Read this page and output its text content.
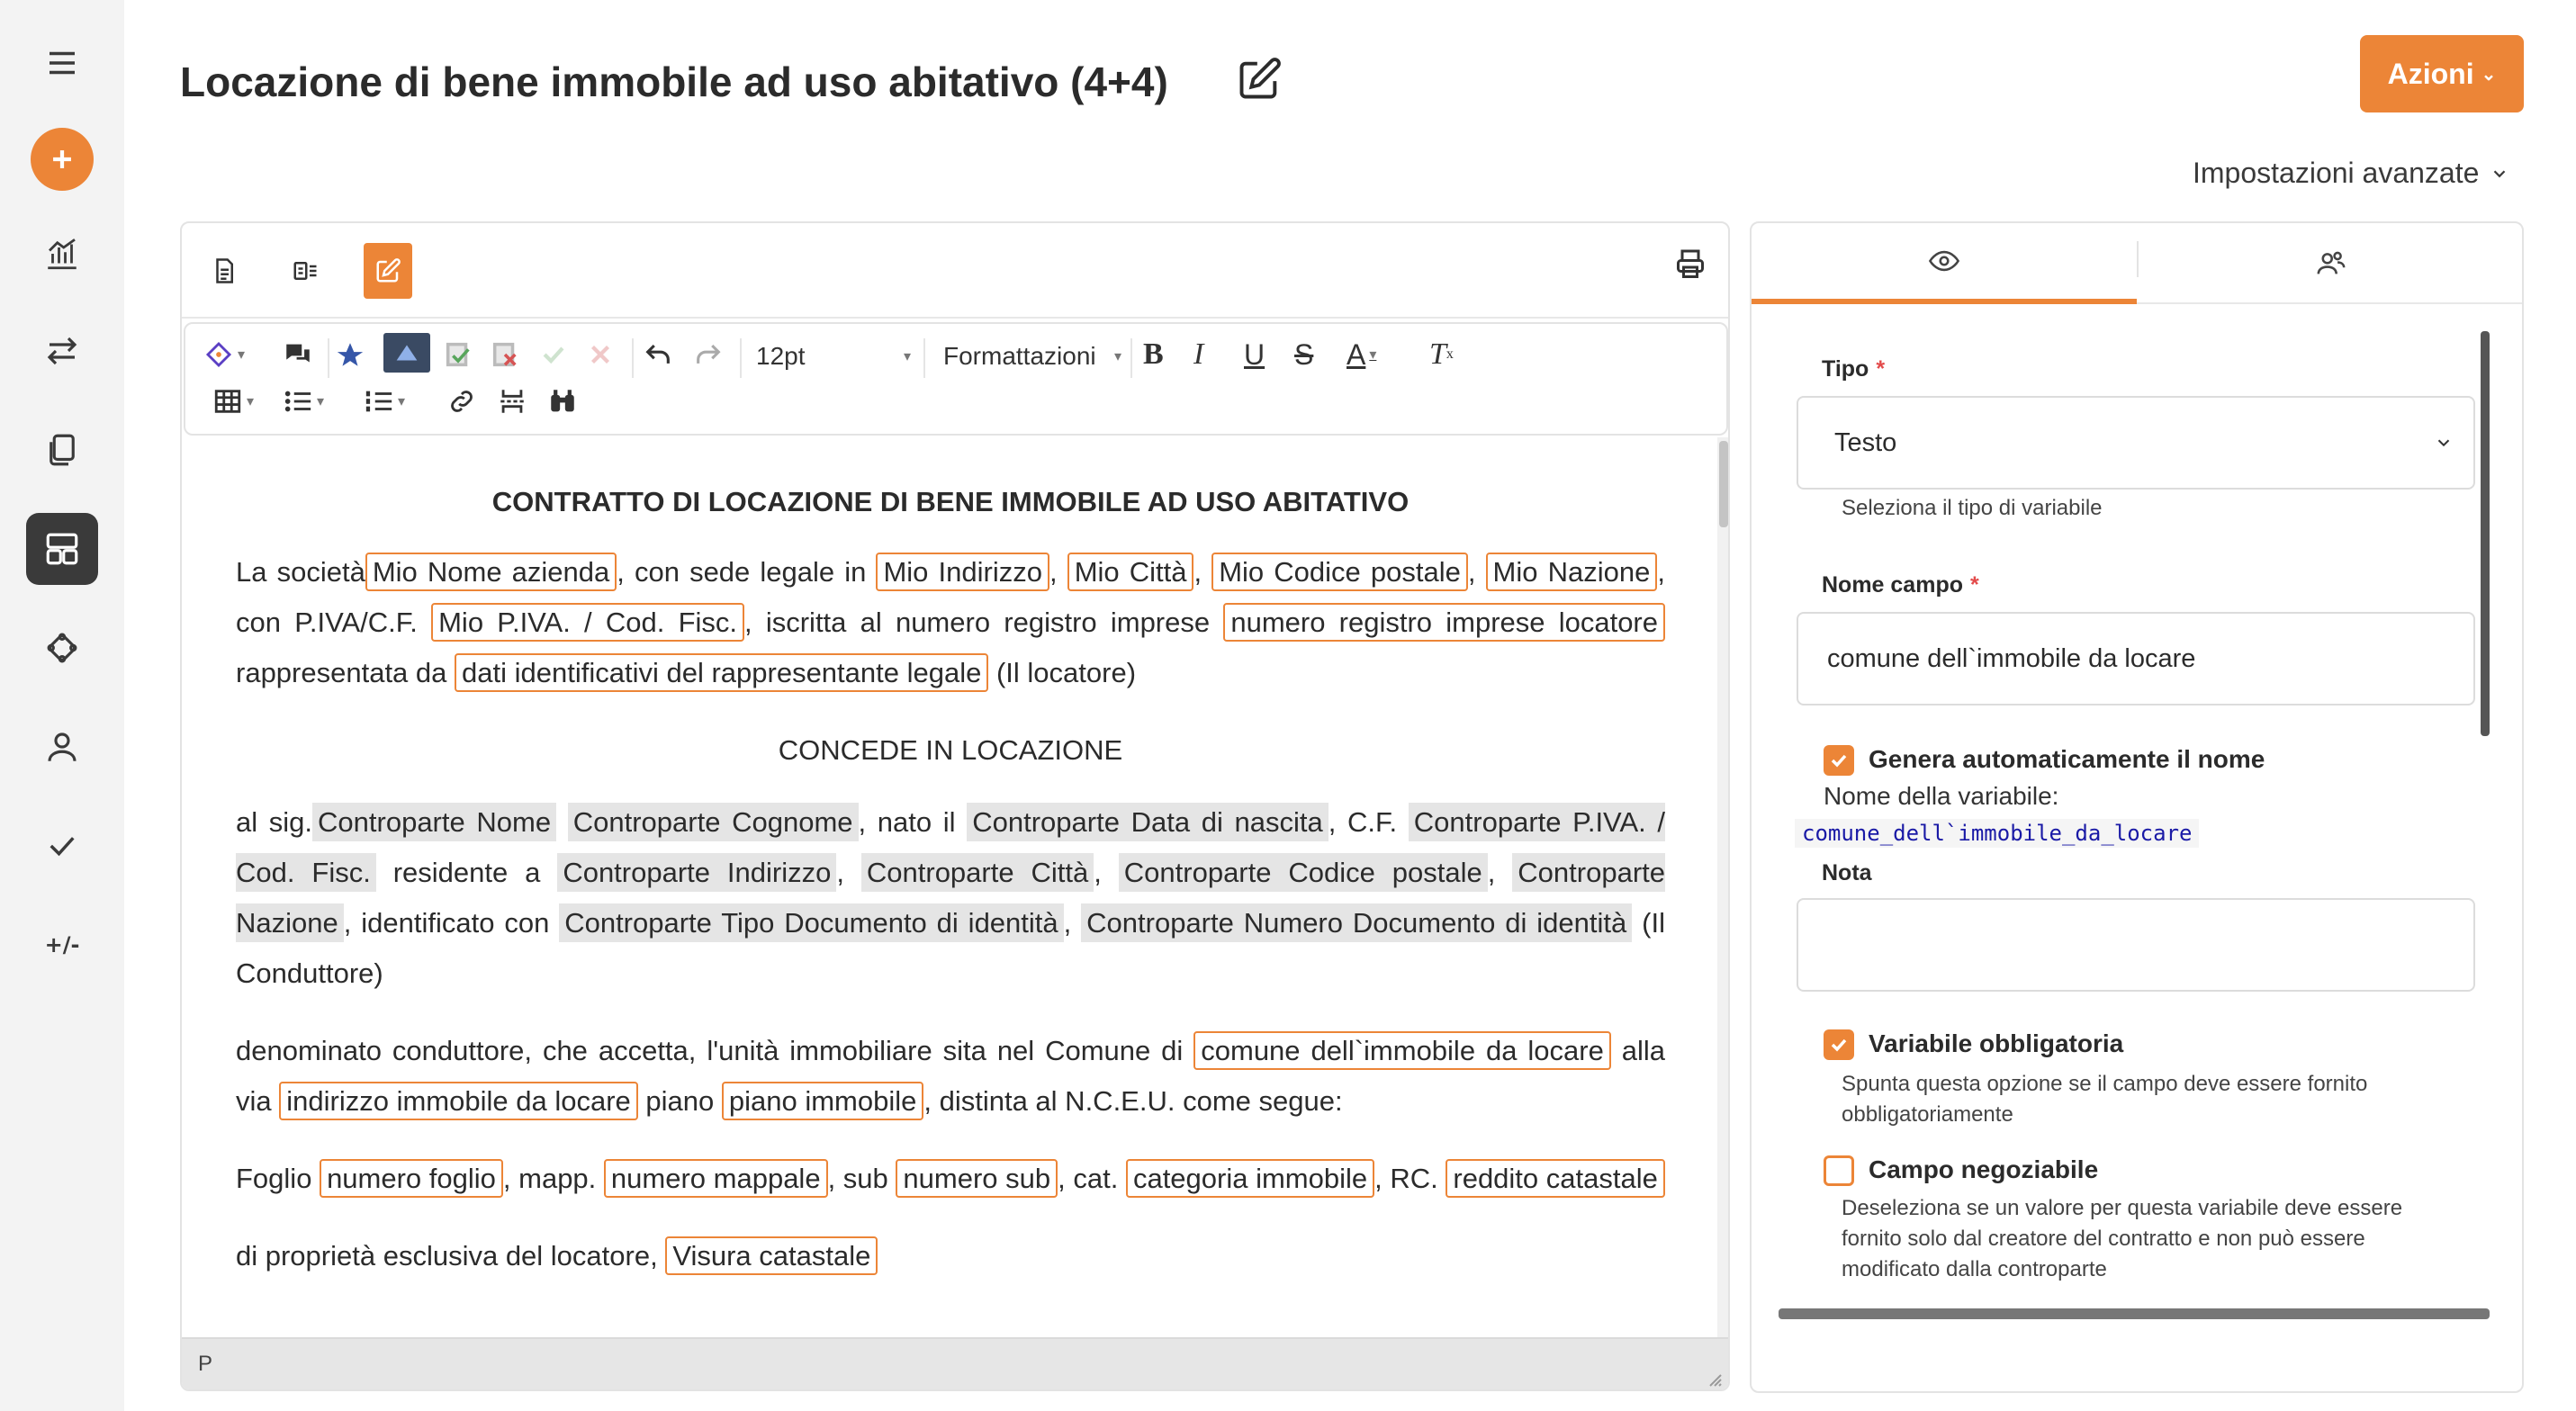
+/-
Locazione di bene immobile ad uso abitativo (4+4)	Azioni ⌄
Impostazioni avanzate
▾	12pt	▾ Formattazioni ▾ B I U S A ▾ T x
▾	▾	▾
CONTRATTO DI LOCAZIONE DI BENE IMMOBILE AD USO ABITATIVO

La società Mio Nome azienda , con sede legale in Mio Indirizzo , Mio Città , Mio Codice postale , Mio Nazione , con P.IVA/C.F. Mio P.IVA. / Cod. Fisc. , iscritta al numero registro imprese numero registro imprese locatore rappresentata da dati identificativi del rappresentante legale (Il locatore)

CONCEDE IN LOCAZIONE

al sig. Controparte Nome Controparte Cognome , nato il Controparte Data di nascita , C.F. Controparte P.IVA. / Cod. Fisc. residente a Controparte Indirizzo , Controparte Città , Controparte Codice postale , Controparte Nazione , identificato con Controparte Tipo Documento di identità , Controparte Numero Documento di identità (Il Conduttore)

denominato conduttore, che accetta, l'unità immobiliare sita nel Comune di comune dell`immobile da locare alla via indirizzo immobile da locare piano piano immobile , distinta al N.C.E.U. come segue:

Foglio numero foglio , mapp. numero mappale , sub numero sub , cat. categoria immobile , RC. reddito catastale

di proprietà esclusiva del locatore, Visura catastale

P
Tipo *
Testo
Seleziona il tipo di variabile
Nome campo *
comune dell`immobile da locare
Genera automaticamente il nome
Nome della variabile:
comune_dell`immobile_da_locare
Nota
Variabile obbligatoria
Spunta questa opzione se il campo deve essere fornito obbligatoriamente
Campo negoziabile
Deseleziona se un valore per questa variabile deve essere fornito solo dal creatore del contratto e non può essere modificato dalla controparte
